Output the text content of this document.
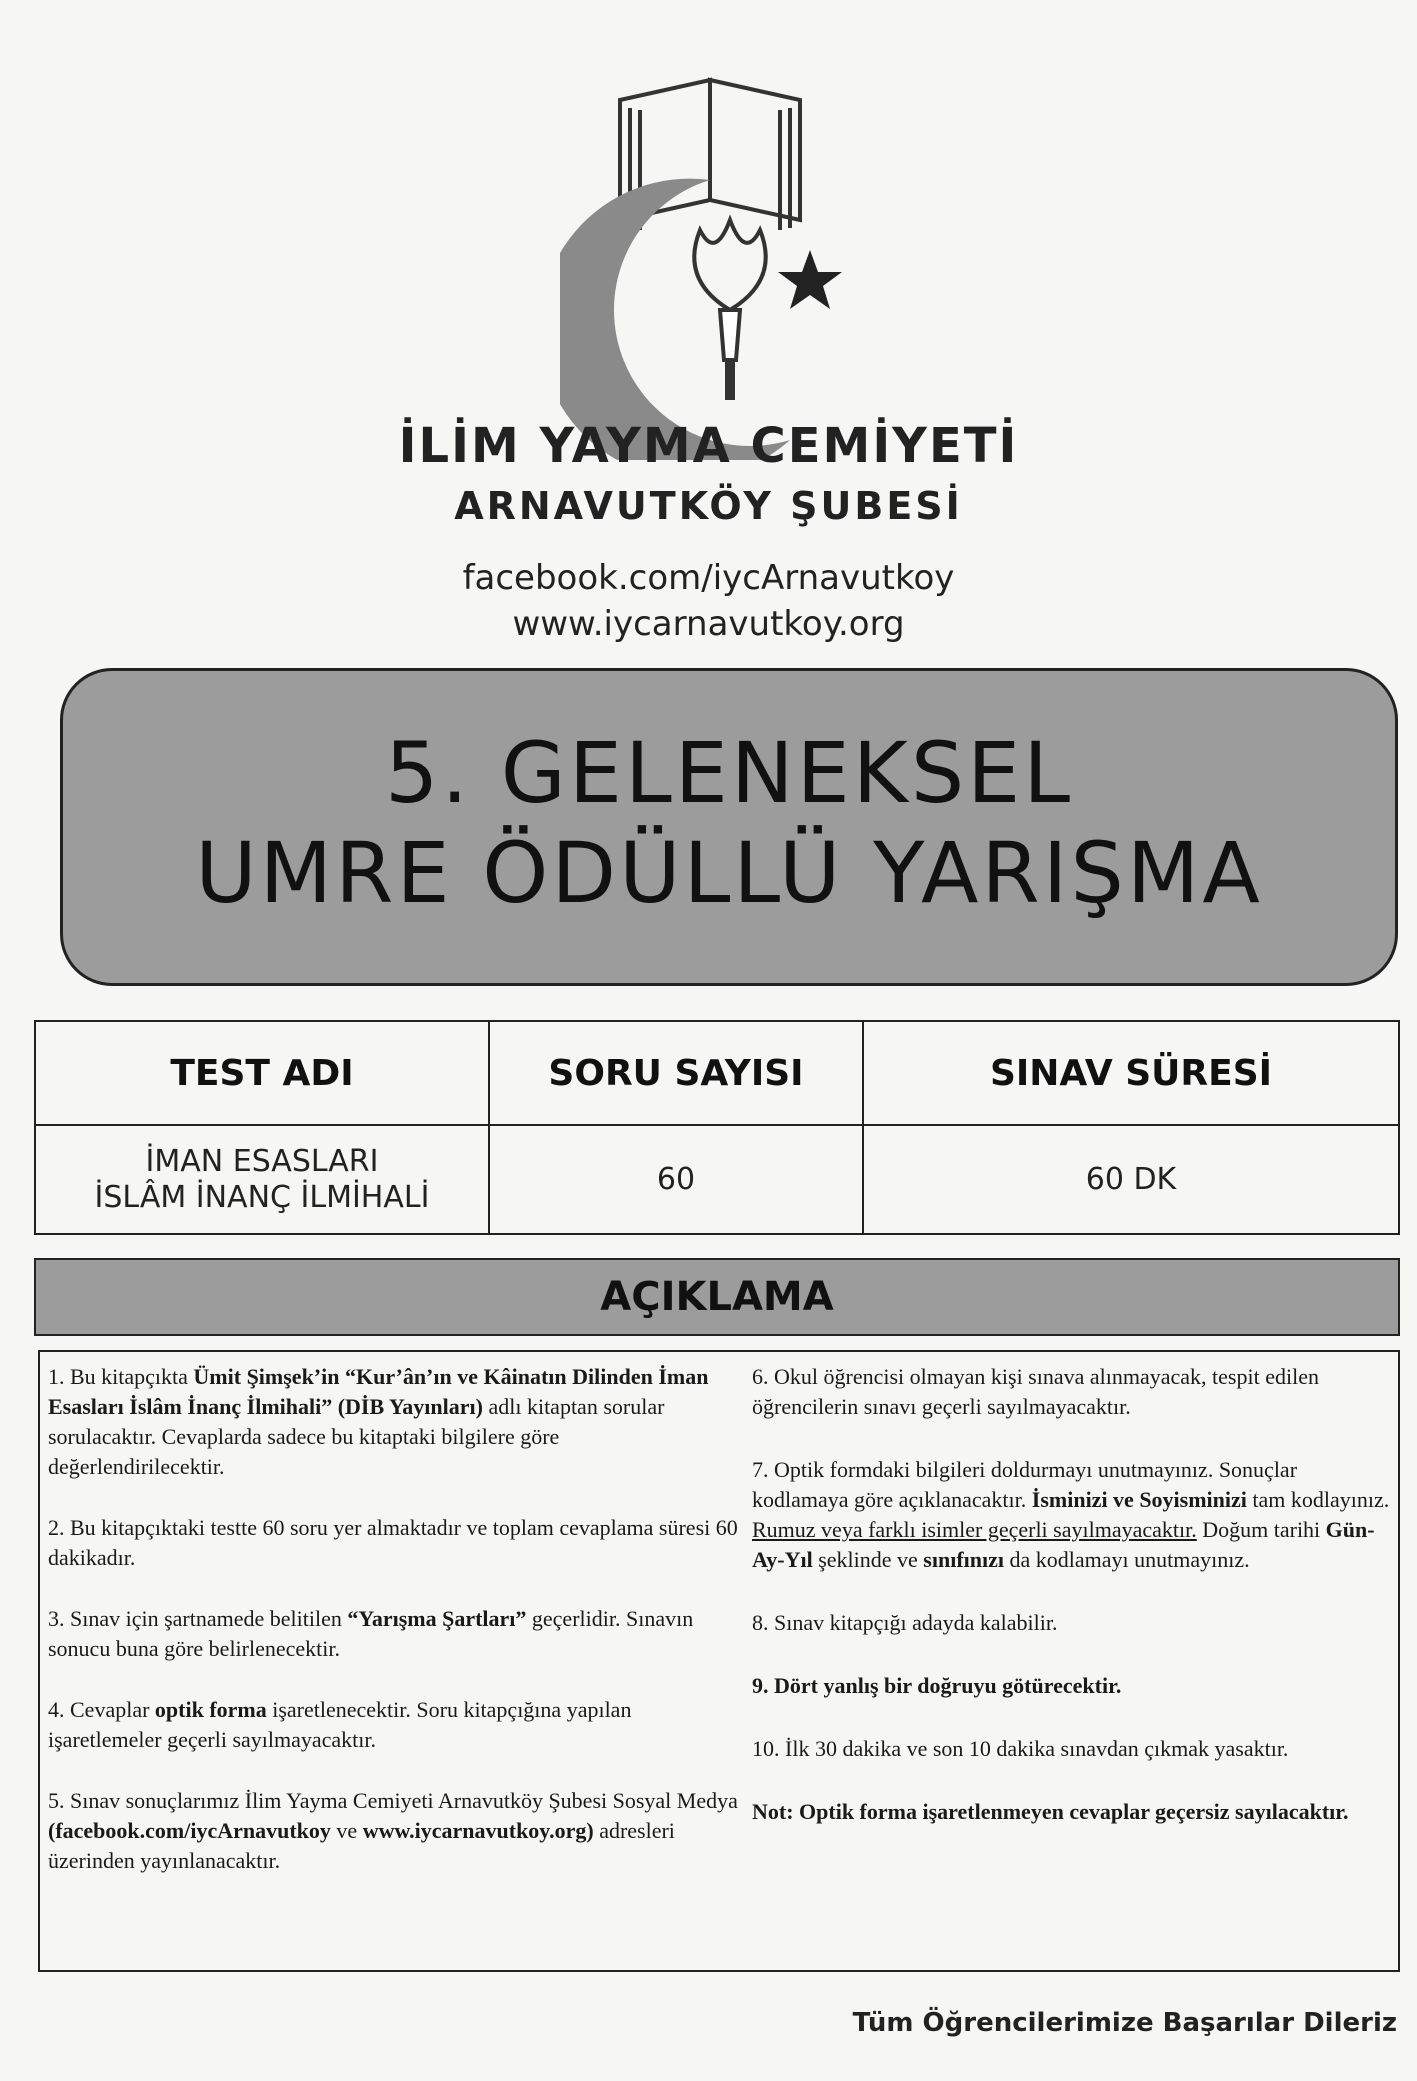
İLİM YAYMA CEMİYETİ
ARNAVUTKÖY ŞUBESİ
facebook.com/iycArnavutkoy
www.iycarnavutkoy.org
5. GELENEKSEL
UMRE ÖDÜLLÜ YARIŞMA
TEST ADI	SORU SAYISI	SINAV SÜRESİ

İMAN ESASLARI
İSLÂM İNANÇ İLMİHALİ	60	60 DK
AÇIKLAMA
1. Bu kitapçıkta Ümit Şimşek’in “Kur’ân’ın ve Kâinatın Dilinden İman Esasları İslâm İnanç İlmihali” (DİB Yayınları) adlı kitaptan sorular sorulacaktır. Cevaplarda sadece bu kitaptaki bilgilere göre değerlendirilecektir.
2. Bu kitapçıktaki testte 60 soru yer almaktadır ve toplam cevaplama süresi 60 dakikadır.
3. Sınav için şartnamede belitilen “Yarışma Şartları” geçerlidir. Sınavın sonucu buna göre belirlenecektir.
4. Cevaplar optik forma işaretlenecektir. Soru kitapçığına yapılan işaretlemeler geçerli sayılmayacaktır.
5. Sınav sonuçlarımız İlim Yayma Cemiyeti Arnavutköy Şubesi Sosyal Medya (facebook.com/iycArnavutkoy ve www.iycarnavutkoy.org) adresleri üzerinden yayınlanacaktır.
6. Okul öğrencisi olmayan kişi sınava alınmayacak, tespit edilen öğrencilerin sınavı geçerli sayılmayacaktır.
7. Optik formdaki bilgileri doldurmayı unutmayınız. Sonuçlar kodlamaya göre açıklanacaktır. İsminizi ve Soyisminizi tam kodlayınız. Rumuz veya farklı isimler geçerli sayılmayacaktır. Doğum tarihi Gün-Ay-Yıl şeklinde ve sınıfınızı da kodlamayı unutmayınız.
8. Sınav kitapçığı adayda kalabilir.
9. Dört yanlış bir doğruyu götürecektir.
10. İlk 30 dakika ve son 10 dakika sınavdan çıkmak yasaktır.
Not: Optik forma işaretlenmeyen cevaplar geçersiz sayılacaktır.
Tüm Öğrencilerimize Başarılar Dileriz
